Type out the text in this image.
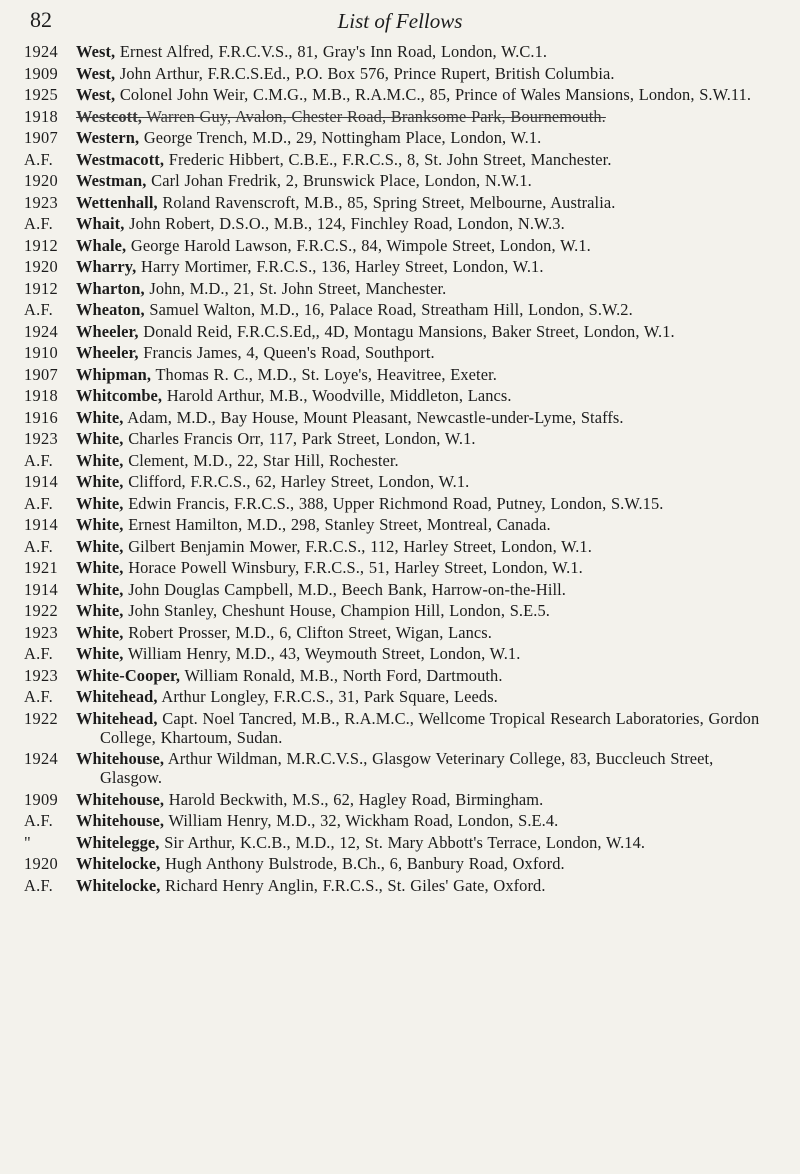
82	List of Fellows
1924	West, Ernest Alfred, F.R.C.V.S., 81, Gray's Inn Road, London, W.C.1.
1909	West, John Arthur, F.R.C.S.Ed., P.O. Box 576, Prince Rupert, British Columbia.
1925	West, Colonel John Weir, C.M.G., M.B., R.A.M.C., 85, Prince of Wales Mansions, London, S.W.11.
1918	Westcott, Warren Guy, Avalon, Chester Road, Branksome Park, Bournemouth.
1907	Western, George Trench, M.D., 29, Nottingham Place, London, W.1.
A.F.	Westmacott, Frederic Hibbert, C.B.E., F.R.C.S., 8, St. John Street, Manchester.
1920	Westman, Carl Johan Fredrik, 2, Brunswick Place, London, N.W.1.
1923	Wettenhall, Roland Ravenscroft, M.B., 85, Spring Street, Melbourne, Australia.
A.F.	Whait, John Robert, D.S.O., M.B., 124, Finchley Road, London, N.W.3.
1912	Whale, George Harold Lawson, F.R.C.S., 84, Wimpole Street, London, W.1.
1920	Wharry, Harry Mortimer, F.R.C.S., 136, Harley Street, London, W.1.
1912	Wharton, John, M.D., 21, St. John Street, Manchester.
A.F.	Wheaton, Samuel Walton, M.D., 16, Palace Road, Streatham Hill, London, S.W.2.
1924	Wheeler, Donald Reid, F.R.C.S.Ed,, 4D, Montagu Mansions, Baker Street, London, W.1.
1910	Wheeler, Francis James, 4, Queen's Road, Southport.
1907	Whipman, Thomas R. C., M.D., St. Loye's, Heavitree, Exeter.
1918	Whitcombe, Harold Arthur, M.B., Woodville, Middleton, Lancs.
1916	White, Adam, M.D., Bay House, Mount Pleasant, Newcastle-under-Lyme, Staffs.
1923	White, Charles Francis Orr, 117, Park Street, London, W.1.
A.F.	White, Clement, M.D., 22, Star Hill, Rochester.
1914	White, Clifford, F.R.C.S., 62, Harley Street, London, W.1.
A.F.	White, Edwin Francis, F.R.C.S., 388, Upper Richmond Road, Putney, London, S.W.15.
1914	White, Ernest Hamilton, M.D., 298, Stanley Street, Montreal, Canada.
A.F.	White, Gilbert Benjamin Mower, F.R.C.S., 112, Harley Street, London, W.1.
1921	White, Horace Powell Winsbury, F.R.C.S., 51, Harley Street, London, W.1.
1914	White, John Douglas Campbell, M.D., Beech Bank, Harrow-on-the-Hill.
1922	White, John Stanley, Cheshunt House, Champion Hill, London, S.E.5.
1923	White, Robert Prosser, M.D., 6, Clifton Street, Wigan, Lancs.
A.F.	White, William Henry, M.D., 43, Weymouth Street, London, W.1.
1923	White-Cooper, William Ronald, M.B., North Ford, Dartmouth.
A.F.	Whitehead, Arthur Longley, F.R.C.S., 31, Park Square, Leeds.
1922	Whitehead, Capt. Noel Tancred, M.B., R.A.M.C., Wellcome Tropical Research Laboratories, Gordon College, Khartoum, Sudan.
1924	Whitehouse, Arthur Wildman, M.R.C.V.S., Glasgow Veterinary College, 83, Buccleuch Street, Glasgow.
1909	Whitehouse, Harold Beckwith, M.S., 62, Hagley Road, Birmingham.
A.F.	Whitehouse, William Henry, M.D., 32, Wickham Road, London, S.E.4.
"	Whitelegge, Sir Arthur, K.C.B., M.D., 12, St. Mary Abbott's Terrace, London, W.14.
1920	Whitelocke, Hugh Anthony Bulstrode, B.Ch., 6, Banbury Road, Oxford.
A.F.	Whitelocke, Richard Henry Anglin, F.R.C.S., St. Giles' Gate, Oxford.
